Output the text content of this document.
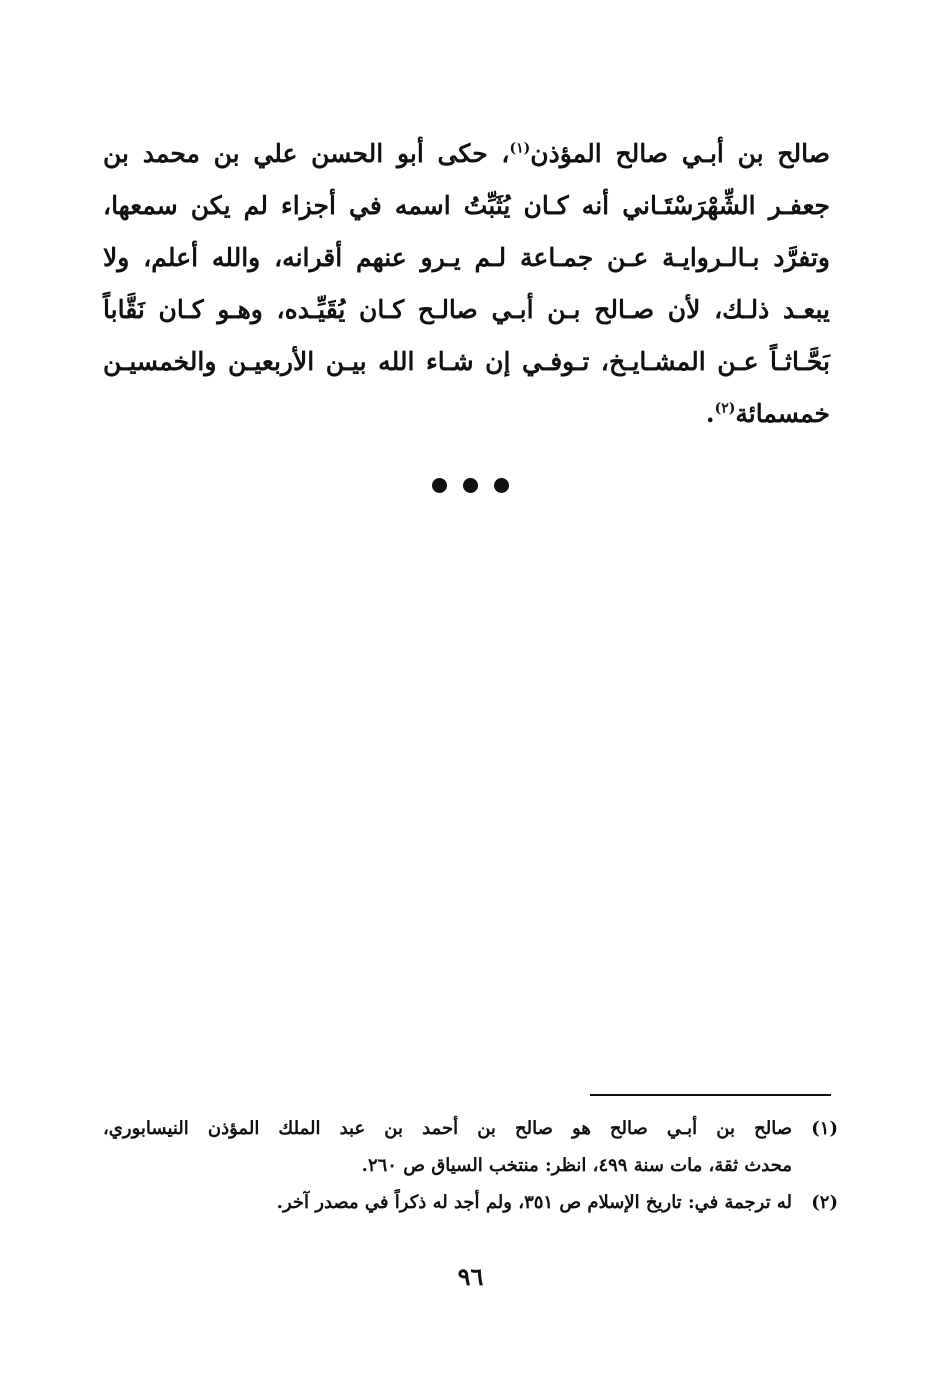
صالح بن أبـي صالح المؤذن$^{(١)}$، حكى أبو الحسن علي بن محمد بن
جعفـر الشِّهْرَسْتَـاني أنه كـان يُثَبِّتُ اسمه في أجزاء لم يكن سمعها،
وتفرَّد بـالـروايـة عـن جمـاعة لـم يـرو عنهم أقرانه، والله أعلم، ولا
يبعـد ذلـك، لأن صـالح بـن أبـي صالـح كـان يُقَيِّـده، وهـو كـان نَقَّاباً
بَحَّـاثـاً عـن المشـايـخ، تـوفـي إن شـاء الله بيـن الأربعيـن والخمسيـن
خمسمائة$^{(٢)}$.
(١)
صالح بن أبـي صالح هو صالح بن أحمد بن عبد الملك المؤذن النيسابوري،
محدث ثقة، مات سنة ٤٩٩، انظر: منتخب السياق ص ٢٦٠.
(٢)
له ترجمة في: تاريخ الإسلام ص ٣٥١، ولم أجد له ذكراً في مصدر آخر.
٩٦
